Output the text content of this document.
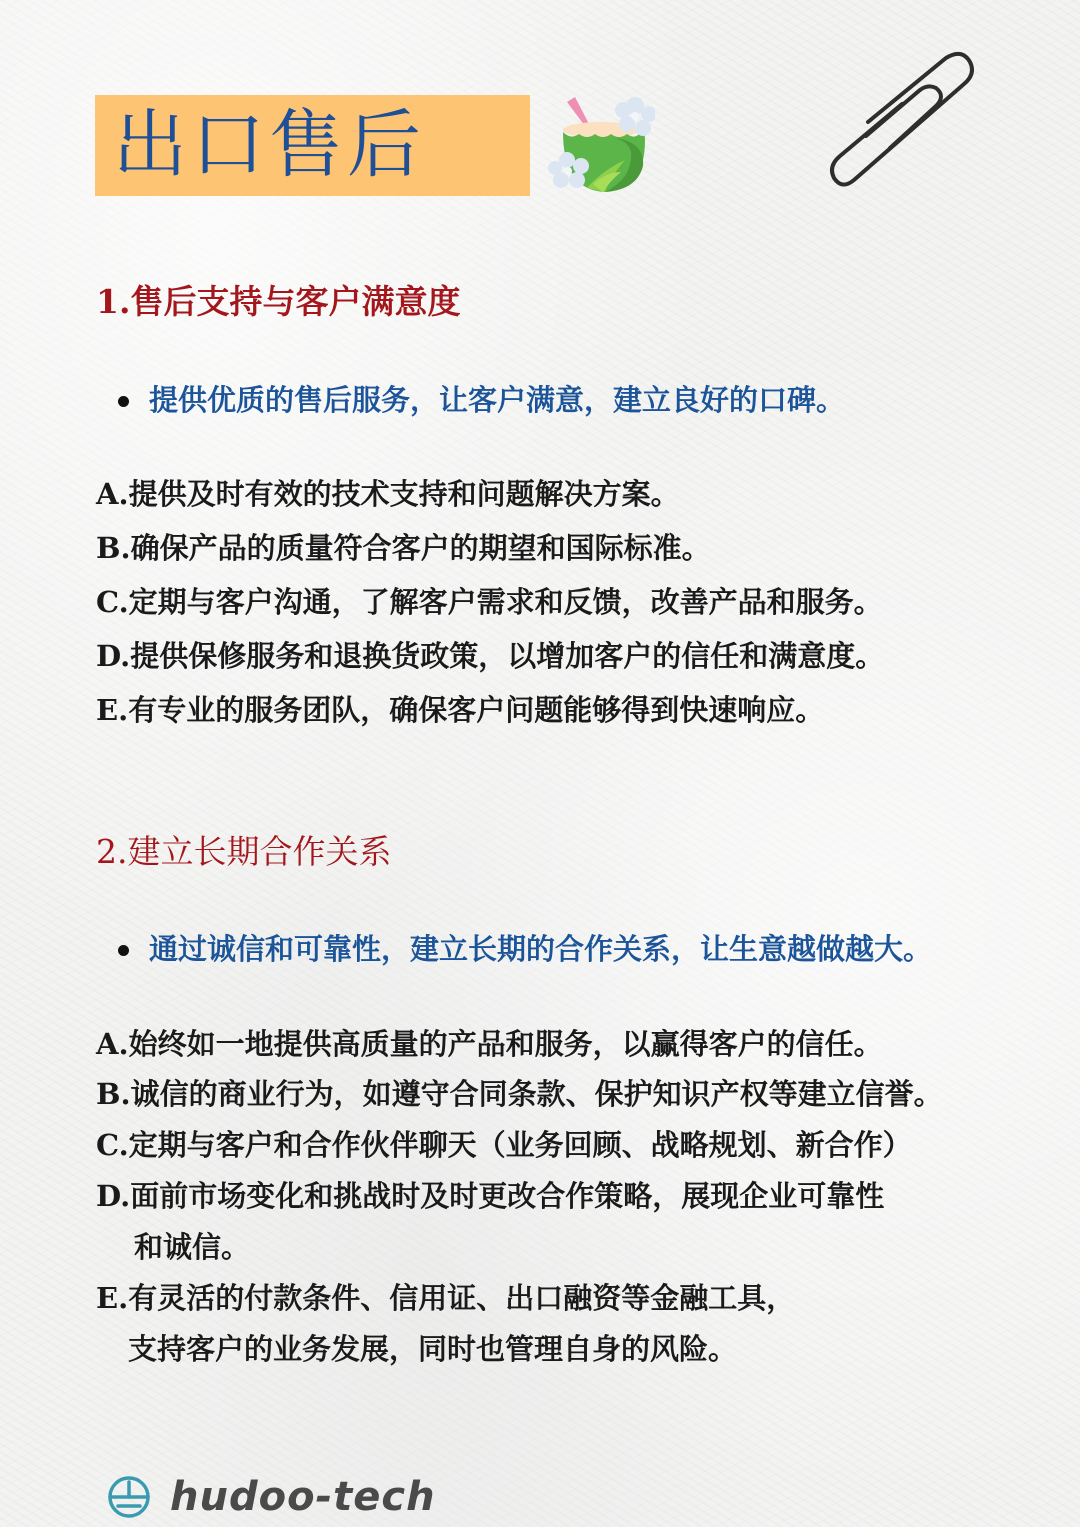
出口售后
1.售后支持与客户满意度
提供优质的售后服务，让客户满意，建立良好的口碑。
A.提供及时有效的技术支持和问题解决方案。
B.确保产品的质量符合客户的期望和国际标准。
C.定期与客户沟通，了解客户需求和反馈，改善产品和服务。
D.提供保修服务和退换货政策，以增加客户的信任和满意度。
E.有专业的服务团队，确保客户问题能够得到快速响应。
2.建立长期合作关系
通过诚信和可靠性，建立长期的合作关系，让生意越做越大。
A.始终如一地提供高质量的产品和服务，以赢得客户的信任。
B.诚信的商业行为，如遵守合同条款、保护知识产权等建立信誉。
C.定期与客户和合作伙伴聊天（业务回顾、战略规划、新合作）
D.面前市场变化和挑战时及时更改合作策略，展现企业可靠性
和诚信。
E.有灵活的付款条件、信用证、出口融资等金融工具，
支持客户的业务发展，同时也管理自身的风险。
hudoo-tech
